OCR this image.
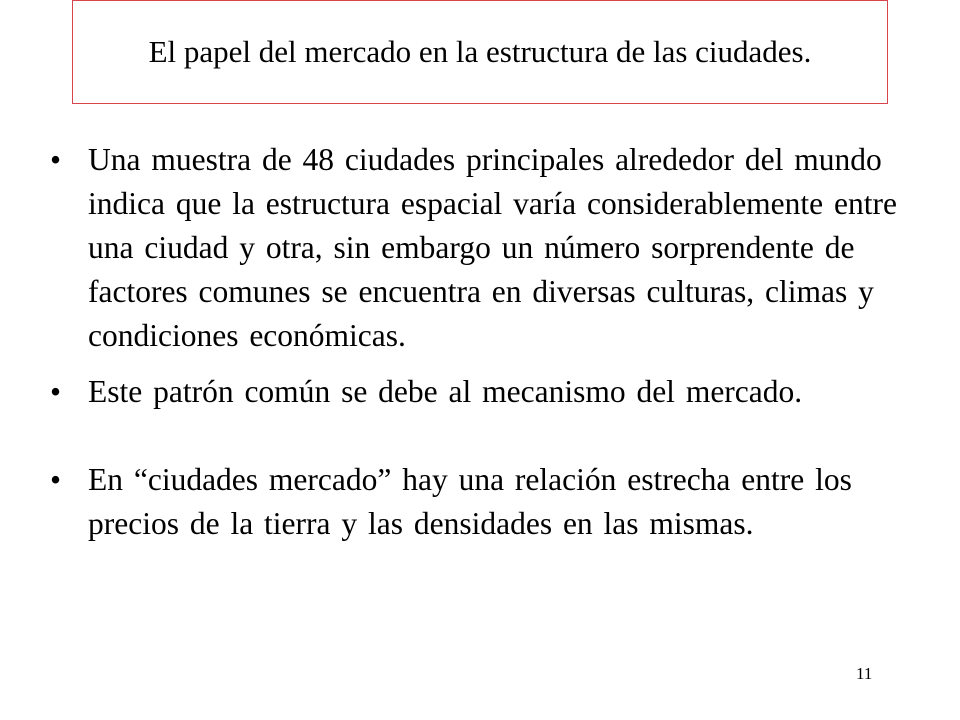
El papel del mercado en la estructura de las ciudades.
• Una muestra de 48 ciudades principales alrededor del mundo indica que la estructura espacial varía considerablemente entre una ciudad y otra, sin embargo un número sorprendente de factores comunes se encuentra en diversas culturas, climas y condiciones económicas.
• Este patrón común se debe al mecanismo del mercado.
• En “ciudades mercado” hay una relación estrecha entre los precios de la tierra y las densidades en las mismas.
11
